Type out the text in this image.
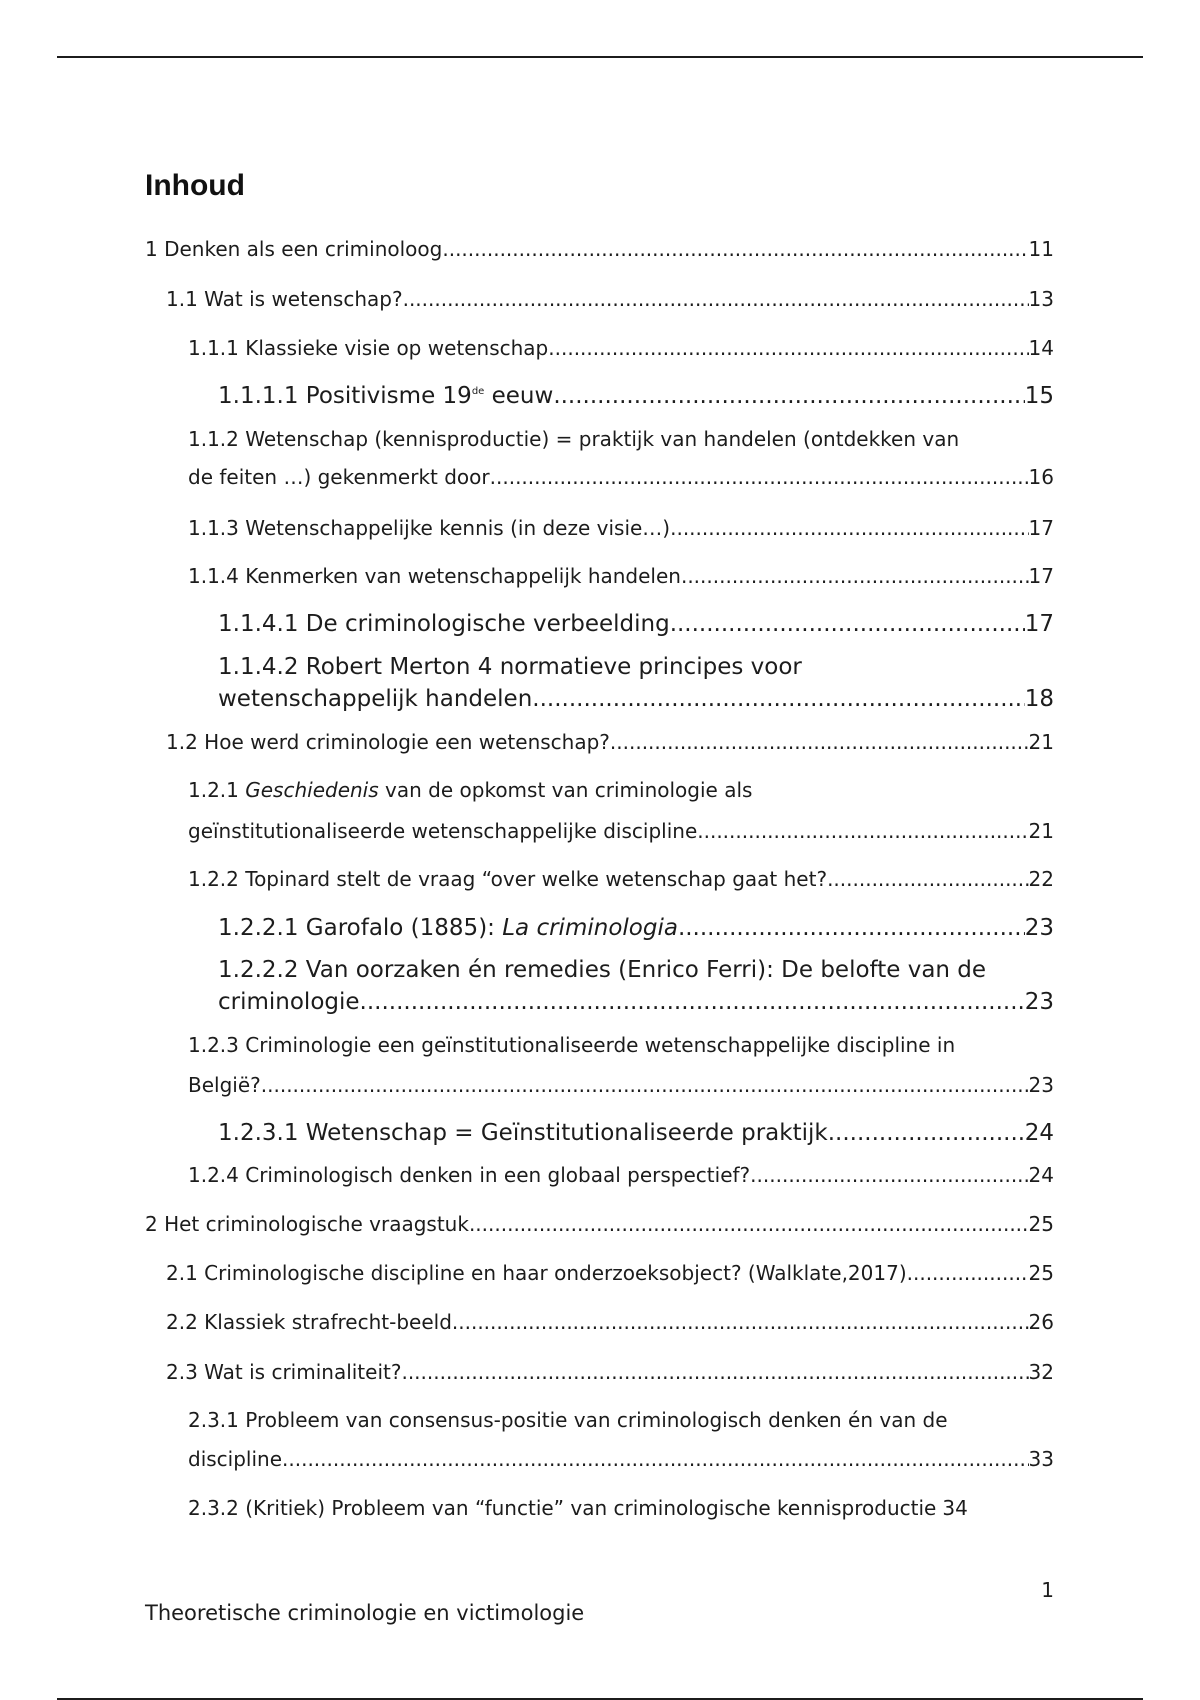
Inhoud
1 Denken als een criminoloog .....	11
1.1 Wat is wetenschap? .....	13
1.1.1 Klassieke visie op wetenschap .....	14
1.1.1.1 Positivisme 19de eeuw .....	15
1.1.2 Wetenschap (kennisproductie) = praktijk van handelen (ontdekken van
de feiten …) gekenmerkt door .....	16
1.1.3 Wetenschappelijke kennis (in deze visie…) .....	17
1.1.4 Kenmerken van wetenschappelijk handelen .....	17
1.1.4.1 De criminologische verbeelding .....	17
1.1.4.2 Robert Merton 4 normatieve principes voor
wetenschappelijk handelen .....	18
1.2 Hoe werd criminologie een wetenschap? .....	21
1.2.1 Geschiedenis van de opkomst van criminologie als
geïnstitutionaliseerde wetenschappelijke discipline .....	21
1.2.2 Topinard stelt de vraag “over welke wetenschap gaat het? .....	22
1.2.2.1 Garofalo (1885): La criminologia .....	23
1.2.2.2 Van oorzaken én remedies (Enrico Ferri): De belofte van de
criminologie .....	23
1.2.3 Criminologie een geïnstitutionaliseerde wetenschappelijke discipline in
België? .....	23
1.2.3.1 Wetenschap = Geïnstitutionaliseerde praktijk .....	24
1.2.4 Criminologisch denken in een globaal perspectief? .....	24
2 Het criminologische vraagstuk .....	25
2.1 Criminologische discipline en haar onderzoeksobject? (Walklate,2017) .....	25
2.2 Klassiek strafrecht-beeld .....	26
2.3 Wat is criminaliteit? .....	32
2.3.1 Probleem van consensus-positie van criminologisch denken én van de
discipline .....	33
2.3.2 (Kritiek) Probleem van “functie” van criminologische kennisproductie 34
1
Theoretische criminologie en victimologie
